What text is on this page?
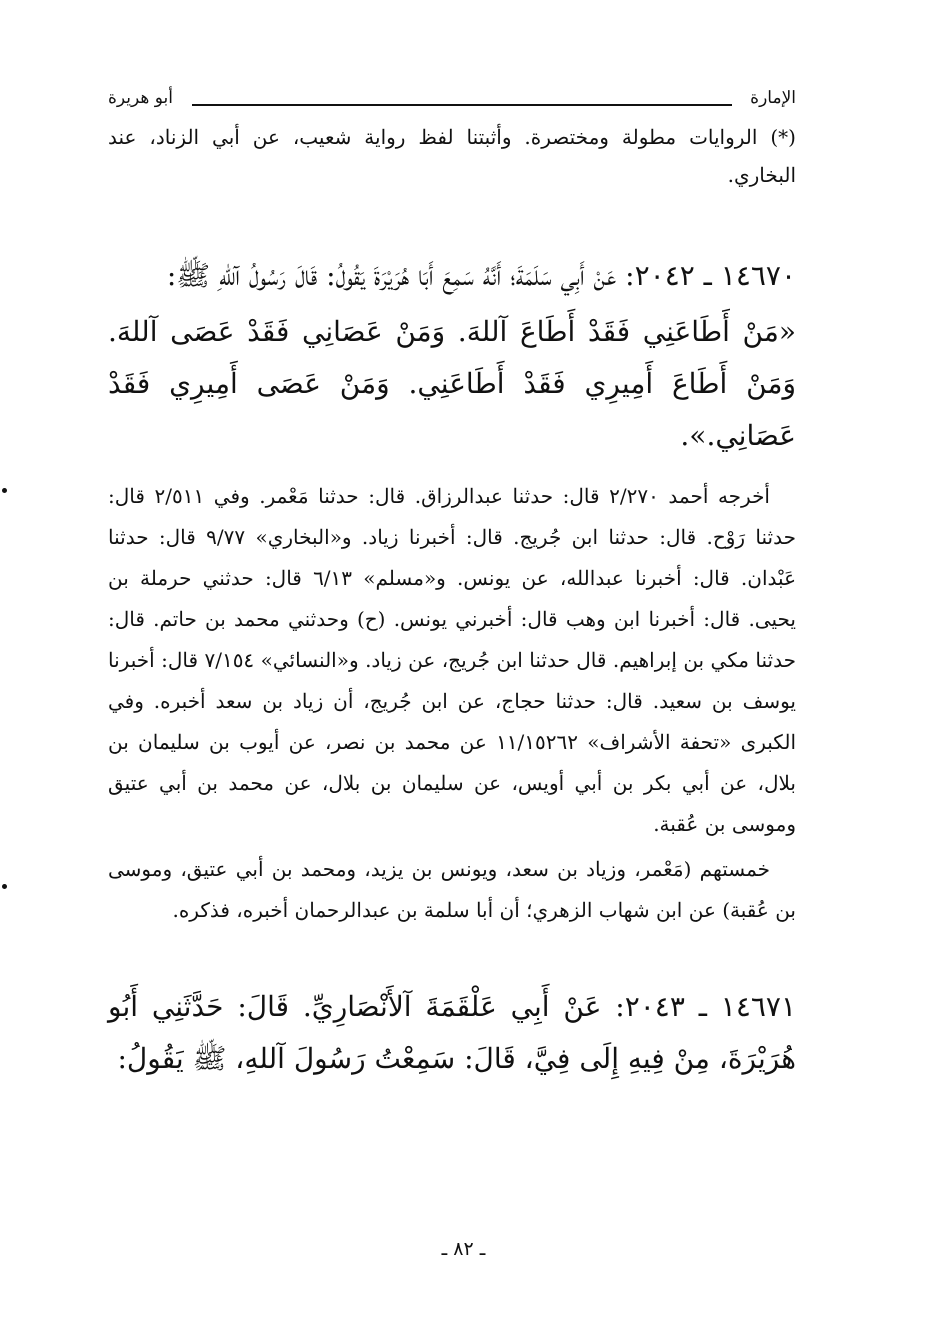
الإمارة
أبو هريرة
(*) الروايات مطولة ومختصرة. وأثبتنا لفظ رواية شعيب، عن أبي الزناد، عند البخاري.
١٤٦٧٠ ـ ٢٠٤٢: عَنْ أَبِي سَلَمَةَ؛ أَنَّهُ سَمِعَ أَبَا هُرَيْرَةَ يَقُولُ: قَالَ رَسُولُ آللهِ ﷺ:
«مَنْ أَطَاعَنِي فَقَدْ أَطَاعَ آللهَ. وَمَنْ عَصَانِي فَقَدْ عَصَى آللهَ. وَمَنْ أَطَاعَ أَمِيرِي فَقَدْ أَطَاعَنِي. وَمَنْ عَصَى أَمِيرِي فَقَدْ عَصَانِي.».
أخرجه أحمد ٢/٢٧٠ قال: حدثنا عبدالرزاق. قال: حدثنا مَعْمر. وفي ٢/٥١١ قال: حدثنا رَوْح. قال: حدثنا ابن جُريج. قال: أخبرنا زياد. و«البخاري» ٩/٧٧ قال: حدثنا عَبْدان. قال: أخبرنا عبدالله، عن يونس. و«مسلم» ٦/١٣ قال: حدثني حرملة بن يحيى. قال: أخبرنا ابن وهب قال: أخبرني يونس. (ح) وحدثني محمد بن حاتم. قال: حدثنا مكي بن إبراهيم. قال حدثنا ابن جُريج، عن زياد. و«النسائي» ٧/١٥٤ قال: أخبرنا يوسف بن سعيد. قال: حدثنا حجاج، عن ابن جُريج، أن زياد بن سعد أخبره. وفي الكبرى «تحفة الأشراف» ١١/١٥٢٦٢ عن محمد بن نصر، عن أيوب بن سليمان بن بلال، عن أبي بكر بن أبي أويس، عن سليمان بن بلال، عن محمد بن أبي عتيق وموسى بن عُقبة.
خمستهم (مَعْمر، وزياد بن سعد، ويونس بن يزيد، ومحمد بن أبي عتيق، وموسى بن عُقبة) عن ابن شهاب الزهري؛ أن أبا سلمة بن عبدالرحمان أخبره، فذكره.
١٤٦٧١ ـ ٢٠٤٣: عَنْ أَبِي عَلْقَمَةَ آلأَنْصَارِيِّ. قَالَ: حَدَّثَنِي أَبُو هُرَيْرَةَ، مِنْ فِيهِ إِلَى فِيَّ، قَالَ: سَمِعْتُ رَسُولَ آللهِ، ﷺ يَقُولُ:
ـ ٨٢ ـ
